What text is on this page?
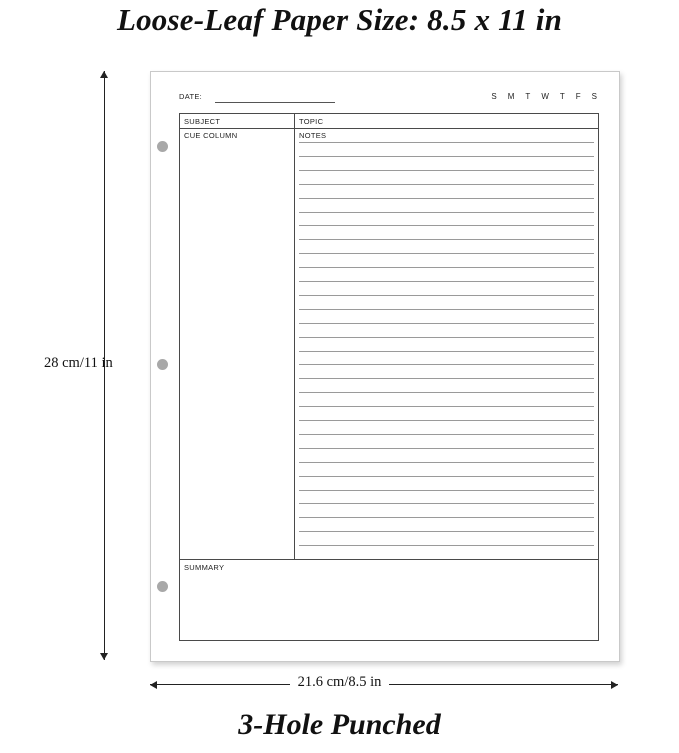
Loose-Leaf Paper Size: 8.5 x 11 in
DATE:	S M T W T F S
SUBJECT	TOPIC
CUE COLUMN	NOTES
SUMMARY
28 cm/11 in
21.6 cm/8.5 in
3-Hole Punched
